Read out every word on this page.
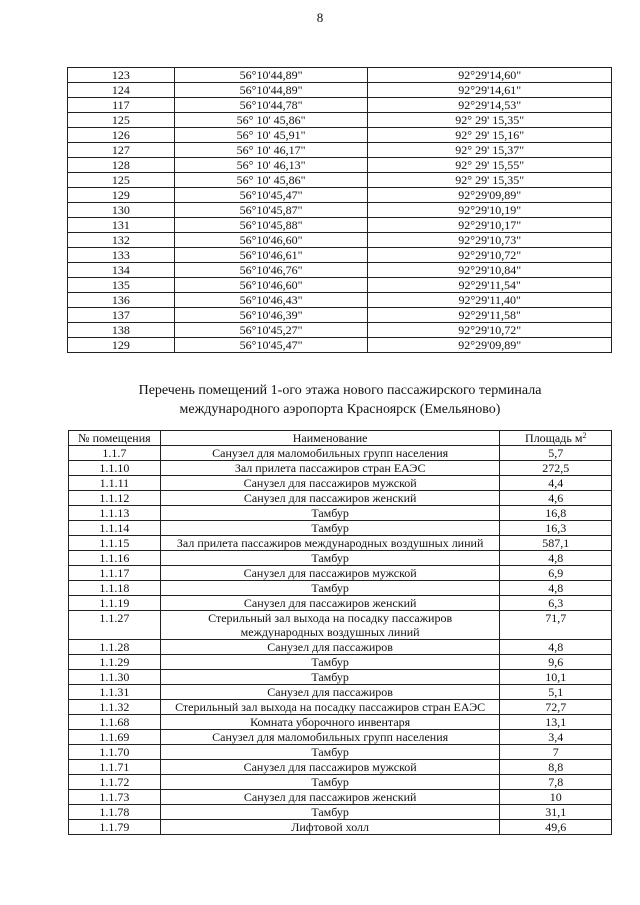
8
123	56°10'44,89"	92°29'14,60"
124	56°10'44,89"	92°29'14,61"
117	56°10'44,78"	92°29'14,53"
125	56° 10' 45,86"	92° 29' 15,35"
126	56° 10' 45,91"	92° 29' 15,16"
127	56° 10' 46,17"	92° 29' 15,37"
128	56° 10' 46,13"	92° 29' 15,55"
125	56° 10' 45,86"	92° 29' 15,35"
129	56°10'45,47"	92°29'09,89"
130	56°10'45,87"	92°29'10,19"
131	56°10'45,88"	92°29'10,17"
132	56°10'46,60"	92°29'10,73"
133	56°10'46,61"	92°29'10,72"
134	56°10'46,76"	92°29'10,84"
135	56°10'46,60"	92°29'11,54"
136	56°10'46,43"	92°29'11,40"
137	56°10'46,39"	92°29'11,58"
138	56°10'45,27"	92°29'10,72"
129	56°10'45,47"	92°29'09,89"
Перечень помещений 1-ого этажа нового пассажирского терминала
международного аэропорта Красноярск (Емельяново)
№ помещения	Наименование	Площадь $м^2$
1.1.7	Санузел для маломобильных групп населения	5,7
1.1.10	Зал прилета пассажиров стран ЕАЭС	272,5
1.1.11	Санузел для пассажиров мужской	4,4
1.1.12	Санузел для пассажиров женский	4,6
1.1.13	Тамбур	16,8
1.1.14	Тамбур	16,3
1.1.15	Зал прилета пассажиров международных воздушных линий	587,1
1.1.16	Тамбур	4,8
1.1.17	Санузел для пассажиров мужской	6,9
1.1.18	Тамбур	4,8
1.1.19	Санузел для пассажиров женский	6,3
1.1.27	Стерильный зал выхода на посадку пассажиров международных воздушных линий	71,7
1.1.28	Санузел для пассажиров	4,8
1.1.29	Тамбур	9,6
1.1.30	Тамбур	10,1
1.1.31	Санузел для пассажиров	5,1
1.1.32	Стерильный зал выхода на посадку пассажиров стран ЕАЭС	72,7
1.1.68	Комната уборочного инвентаря	13,1
1.1.69	Санузел для маломобильных групп населения	3,4
1.1.70	Тамбур	7
1.1.71	Санузел для пассажиров мужской	8,8
1.1.72	Тамбур	7,8
1.1.73	Санузел для пассажиров женский	10
1.1.78	Тамбур	31,1
1.1.79	Лифтовой холл	49,6
